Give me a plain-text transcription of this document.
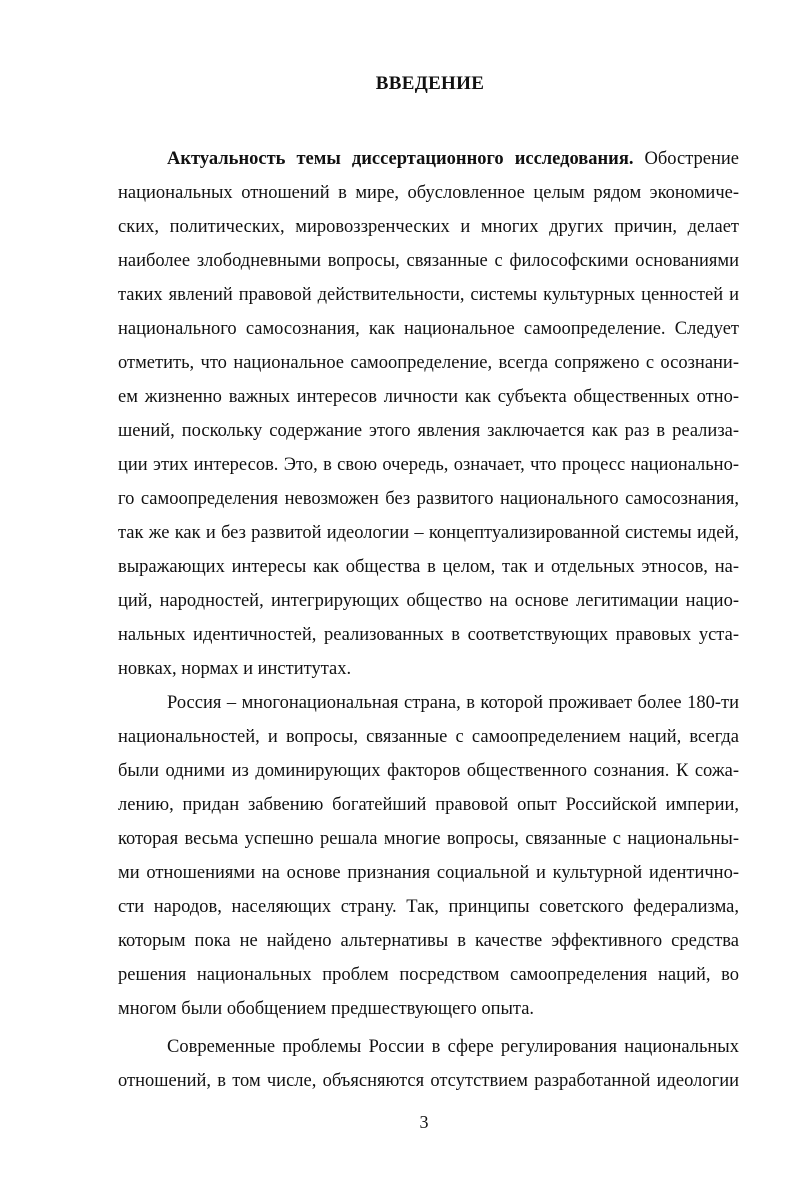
ВВЕДЕНИЕ
Актуальность темы диссертационного исследования. Обострение
национальных отношений в мире, обусловленное целым рядом экономиче-
ских, политических, мировоззренческих и многих других причин, делает
наиболее злободневными вопросы, связанные с философскими основаниями
таких явлений правовой действительности, системы культурных ценностей и
национального самосознания, как национальное самоопределение. Следует
отметить, что национальное самоопределение, всегда сопряжено с осознани-
ем жизненно важных интересов личности как субъекта общественных отно-
шений, поскольку содержание этого явления заключается как раз в реализа-
ции этих интересов. Это, в свою очередь, означает, что процесс национально-
го самоопределения невозможен без развитого национального самосознания,
так же как и без развитой идеологии – концептуализированной системы идей,
выражающих интересы как общества в целом, так и отдельных этносов, на-
ций, народностей, интегрирующих общество на основе легитимации нацио-
нальных идентичностей, реализованных в соответствующих правовых уста-
новках, нормах и институтах.
Россия – многонациональная страна, в которой проживает более 180-ти
национальностей, и вопросы, связанные с самоопределением наций, всегда
были одними из доминирующих факторов общественного сознания. К сожа-
лению, придан забвению богатейший правовой опыт Российской империи,
которая весьма успешно решала многие вопросы, связанные с национальны-
ми отношениями на основе признания социальной и культурной идентично-
сти народов, населяющих страну. Так, принципы советского федерализма,
которым пока не найдено альтернативы в качестве эффективного средства
решения национальных проблем посредством самоопределения наций, во
многом были обобщением предшествующего опыта.
Современные проблемы России в сфере регулирования национальных
отношений, в том числе, объясняются отсутствием разработанной идеологии
3
